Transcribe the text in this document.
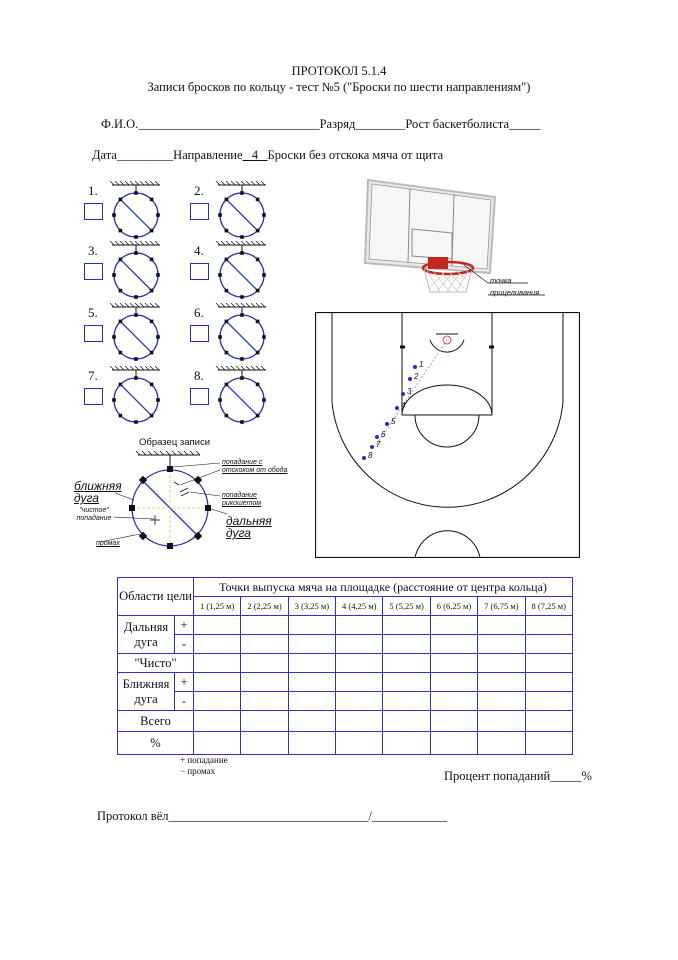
ПРОТОКОЛ 5.1.4
Записи бросков по кольцу - тест №5 ("Броски по шести направлениям")
Ф.И.О._____________________________Разряд________Рост баскетболиста_____
Дата_________Направление 4 Броски без отскока мяча от щита
1.	2.
3.	4.
5.	6.
7.	8.
Образец записи
попадание с отскоком от обода
ближняя дуга	попадание рикошетом
"чистое" попадание	дальняя дуга
промах
точка прицеливания
1
2
3
4
5
6
7
8
Области цели		Точки выпуска мяча на площадке (расстояние от центра кольца)							
		1 (1,25 м)	2 (2,25 м)	3 (3,25 м)	4 (4,25 м)	5 (5,25 м)	6 (6,25 м)	7 (6,75 м)	8 (7,25 м)
Дальняя дуга	+								
	-								
"Чисто"									
Ближняя дуга	+								
	-								
Всего									
%									
+ попадание
− промах	Процент попаданий_____%
Протокол вёл________________________________/____________
